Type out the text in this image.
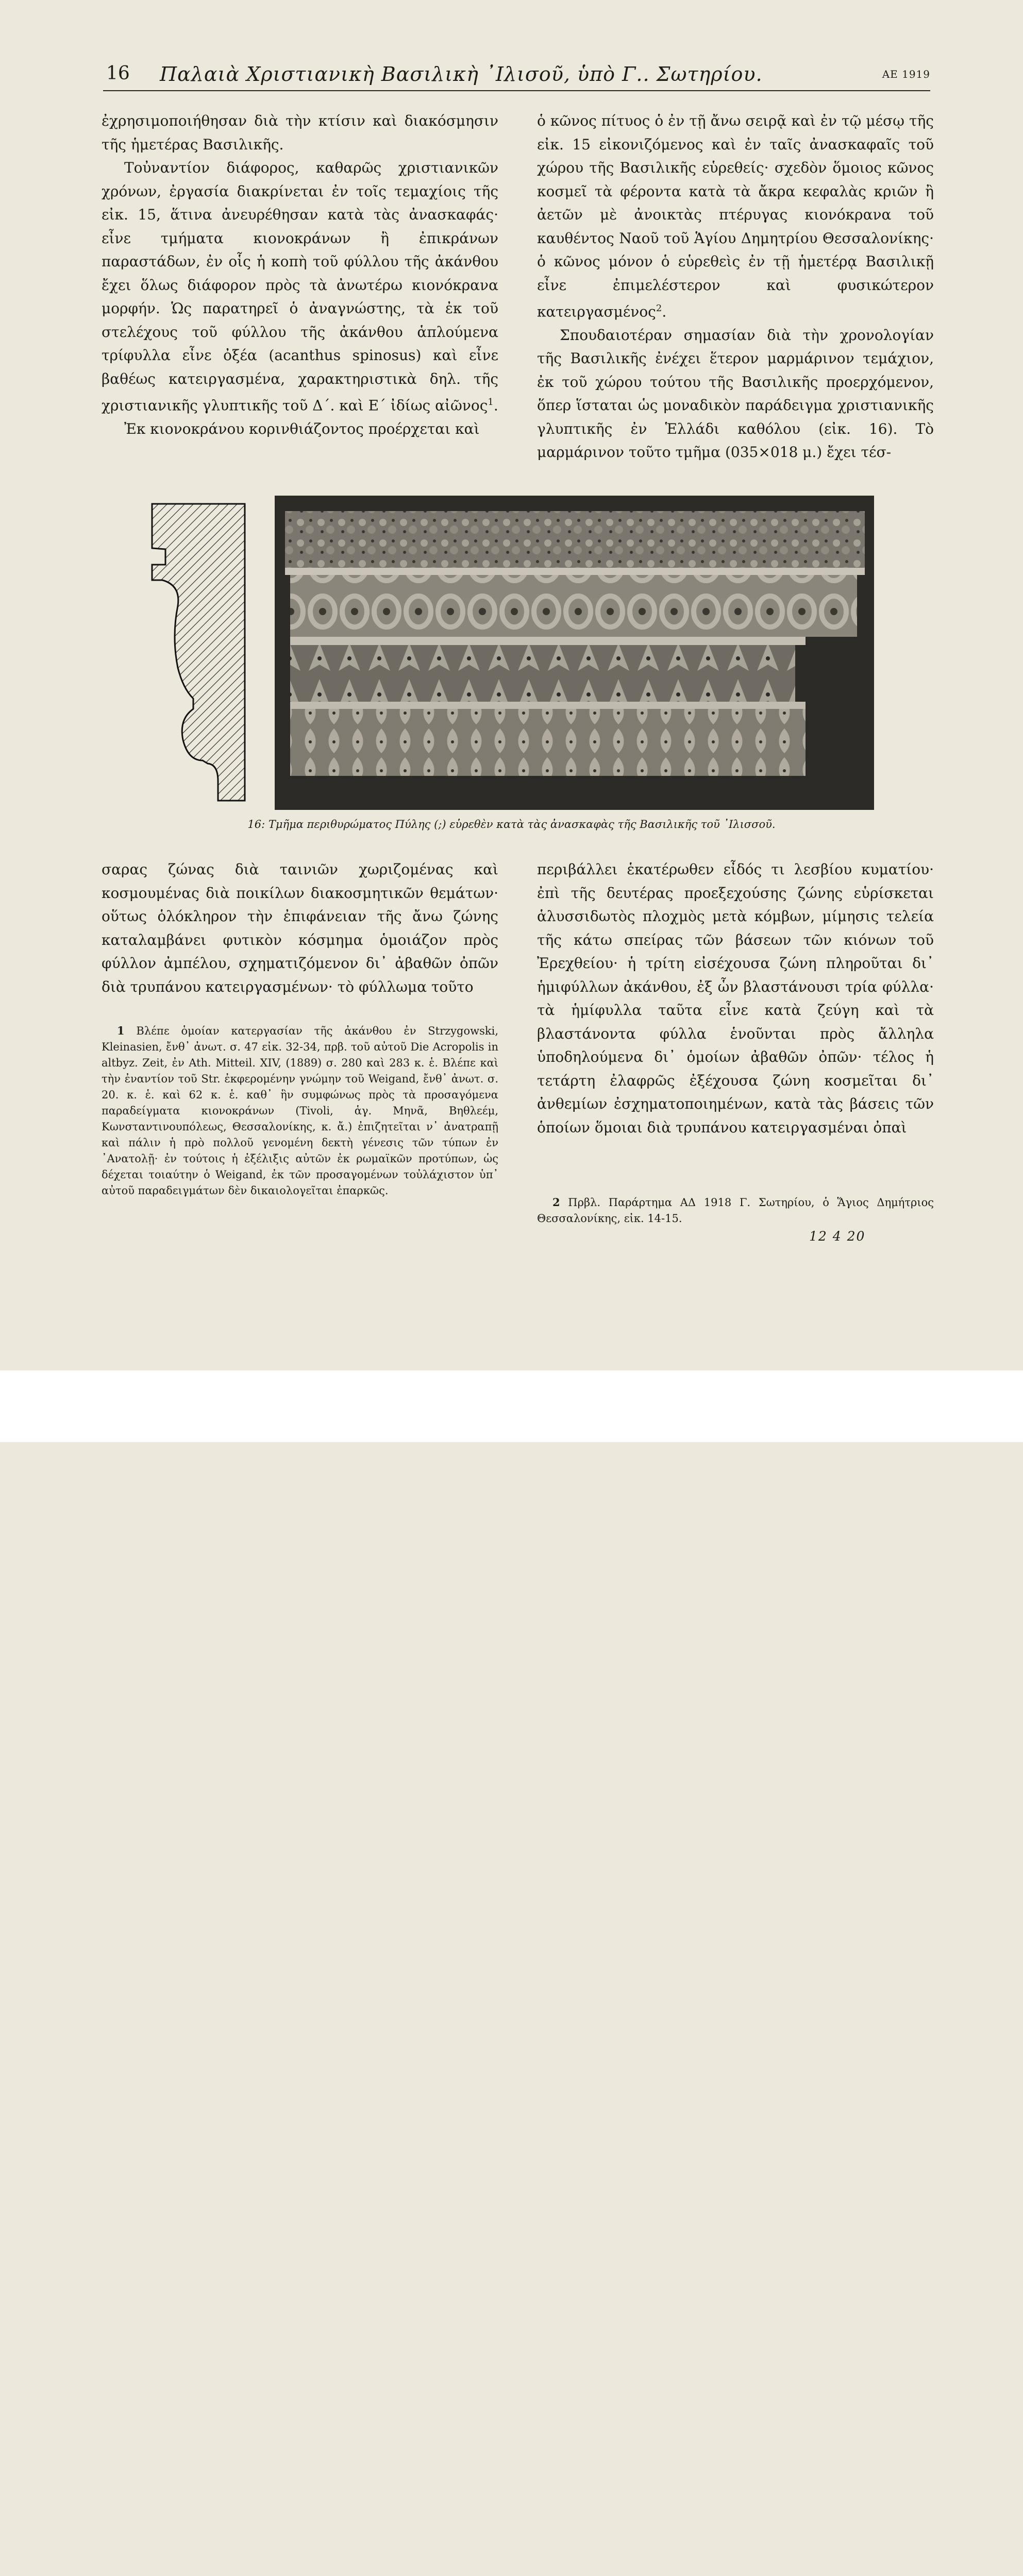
16 Παλαιὰ Χριστιανικὴ Βασιλικὴ ᾿Ιλισοῦ, ὑπὸ Γ.. Σωτηρίου.	ΑΕ 1919

ἐχρησιμοποιήθησαν διὰ τὴν κτίσιν καὶ διακόσμησιν τῆς ἡμετέρας Βασιλικῆς.

Τοὐναντίον διάφορος, καθαρῶς χριστιανικῶν χρόνων, ἐργασία διακρίνεται ἐν τοῖς τεμαχίοις τῆς εἰκ. 15, ἅτινα ἀνευρέθησαν κατὰ τὰς ἀνασκαφάς· εἶνε τμήματα κιονοκράνων ἢ ἐπικράνων παραστάδων, ἐν οἷς ἡ κοπὴ τοῦ φύλλου τῆς ἀκάνθου ἔχει ὅλως διάφορον πρὸς τὰ ἀνωτέρω κιονόκρανα μορφήν. Ὡς παρατηρεῖ ὁ ἀναγνώστης, τὰ ἐκ τοῦ στελέχους τοῦ φύλλου τῆς ἀκάνθου ἁπλούμενα τρίφυλλα εἶνε ὀξέα (acanthus spinosus) καὶ εἶνε βαθέως κατειργασμένα, χαρακτηριστικὰ δηλ. τῆς χριστιανικῆς γλυπτικῆς τοῦ Δ΄. καὶ Ε΄ ἰδίως αἰῶνος$^1$.

Ἐκ κιονοκράνου κορινθιάζοντος προέρχεται καὶ

ὁ κῶνος πίτυος ὁ ἐν τῇ ἄνω σειρᾷ καὶ ἐν τῷ μέσῳ τῆς εἰκ. 15 εἰκονιζόμενος καὶ ἐν ταῖς ἀνασκαφαῖς τοῦ χώρου τῆς Βασιλικῆς εὑρεθείς· σχεδὸν ὅμοιος κῶνος κοσμεῖ τὰ φέροντα κατὰ τὰ ἄκρα κεφαλὰς κριῶν ἢ ἀετῶν μὲ ἀνοικτὰς πτέρυγας κιονόκρανα τοῦ καυθέντος Ναοῦ τοῦ Ἁγίου Δημητρίου Θεσσαλονίκης· ὁ κῶνος μόνον ὁ εὑρεθεὶς ἐν τῇ ἡμετέρᾳ Βασιλικῇ εἶνε ἐπιμελέστερον καὶ φυσικώτερον κατειργασμένος$^2$.

Σπουδαιοτέραν σημασίαν διὰ τὴν χρονολογίαν τῆς Βασιλικῆς ἐνέχει ἕτερον μαρμάρινον τεμάχιον, ἐκ τοῦ χώρου τούτου τῆς Βασιλικῆς προερχόμενον, ὅπερ ἵσταται ὡς μοναδικὸν παράδειγμα χριστιανικῆς γλυπτικῆς ἐν Ἑλλάδι καθόλου (εἰκ. 16). Τὸ μαρμάρινον τοῦτο τμῆμα (035×018 μ.) ἔχει τέσ-

16: Τμῆμα περιθυρώματος Πύλης (;) εὑρεθὲν κατὰ τὰς ἀνασκαφὰς τῆς Βασιλικῆς τοῦ ᾿Ιλισσοῦ.

σαρας ζώνας διὰ ταινιῶν χωριζομένας καὶ κοσμουμένας διὰ ποικίλων διακοσμητικῶν θεμάτων· οὕτως ὁλόκληρον τὴν ἐπιφάνειαν τῆς ἄνω ζώνης καταλαμβάνει φυτικὸν κόσμημα ὁμοιάζον πρὸς φύλλον ἀμπέλου, σχηματιζόμενον δι᾽ ἀβαθῶν ὀπῶν διὰ τρυπάνου κατειργασμένων· τὸ φύλλωμα τοῦτο

περιβάλλει ἑκατέρωθεν εἶδός τι λεσβίου κυματίου· ἐπὶ τῆς δευτέρας προεξεχούσης ζώνης εὑρίσκεται ἁλυσσιδωτὸς πλοχμὸς μετὰ κόμβων, μίμησις τελεία τῆς κάτω σπείρας τῶν βάσεων τῶν κιόνων τοῦ Ἐρεχθείου· ἡ τρίτη εἰσέχουσα ζώνη πληροῦται δι᾽ ἡμιφύλλων ἀκάνθου, ἐξ ὧν βλαστάνουσι τρία φύλλα· τὰ ἡμίφυλλα ταῦτα εἶνε κατὰ ζεύγη καὶ τὰ βλαστάνοντα φύλλα ἑνοῦνται πρὸς ἄλληλα ὑποδηλούμενα δι᾽ ὁμοίων ἀβαθῶν ὀπῶν· τέλος ἡ τετάρτη ἐλαφρῶς ἐξέχουσα ζώνη κοσμεῖται δι᾽ ἀνθεμίων ἐσχηματοποιημένων, κατὰ τὰς βάσεις τῶν ὁποίων ὅμοιαι διὰ τρυπάνου κατειργασμέναι ὀπαὶ

1 Βλέπε ὁμοίαν κατεργασίαν τῆς ἀκάνθου ἐν Strzygowski, Kleinasien, ἔνθ᾽ ἀνωτ. σ. 47 εἰκ. 32-34, πρβ. τοῦ αὐτοῦ Die Acropolis in altbyz. Zeit, ἐν Ath. Mitteil. XIV, (1889) σ. 280 καὶ 283 κ. ἑ. Βλέπε καὶ τὴν ἐναντίον τοῦ Str. ἐκφερομένην γνώμην τοῦ Weigand, ἔνθ᾽ ἀνωτ. σ. 20. κ. ἑ. καὶ 62 κ. ἑ. καθ᾽ ἣν συμφώνως πρὸς τὰ προσαγόμενα παραδείγματα κιονοκράνων (Tivoli, ἁγ. Μηνᾶ, Βηθλεέμ, Κωνσταντινουπόλεως, Θεσσαλονίκης, κ. ἄ.) ἐπιζητεῖται ν᾽ ἀνατραπῇ καὶ πάλιν ἡ πρὸ πολλοῦ γενομένη δεκτὴ γένεσις τῶν τύπων ἐν ᾽Ανατολῇ· ἐν τούτοις ἡ ἐξέλιξις αὐτῶν ἐκ ρωμαϊκῶν προτύπων, ὡς δέχεται τοιαύτην ὁ Weigand, ἐκ τῶν προσαγομένων τοὐλάχιστον ὑπ᾽ αὐτοῦ παραδειγμάτων δὲν δικαιολογεῖται ἐπαρκῶς.
2 Πρβλ. Παράρτημα ΑΔ 1918 Γ. Σωτηρίου, ὁ Ἅγιος Δημήτριος Θεσσαλονίκης, εἰκ. 14-15.
12 4 20
